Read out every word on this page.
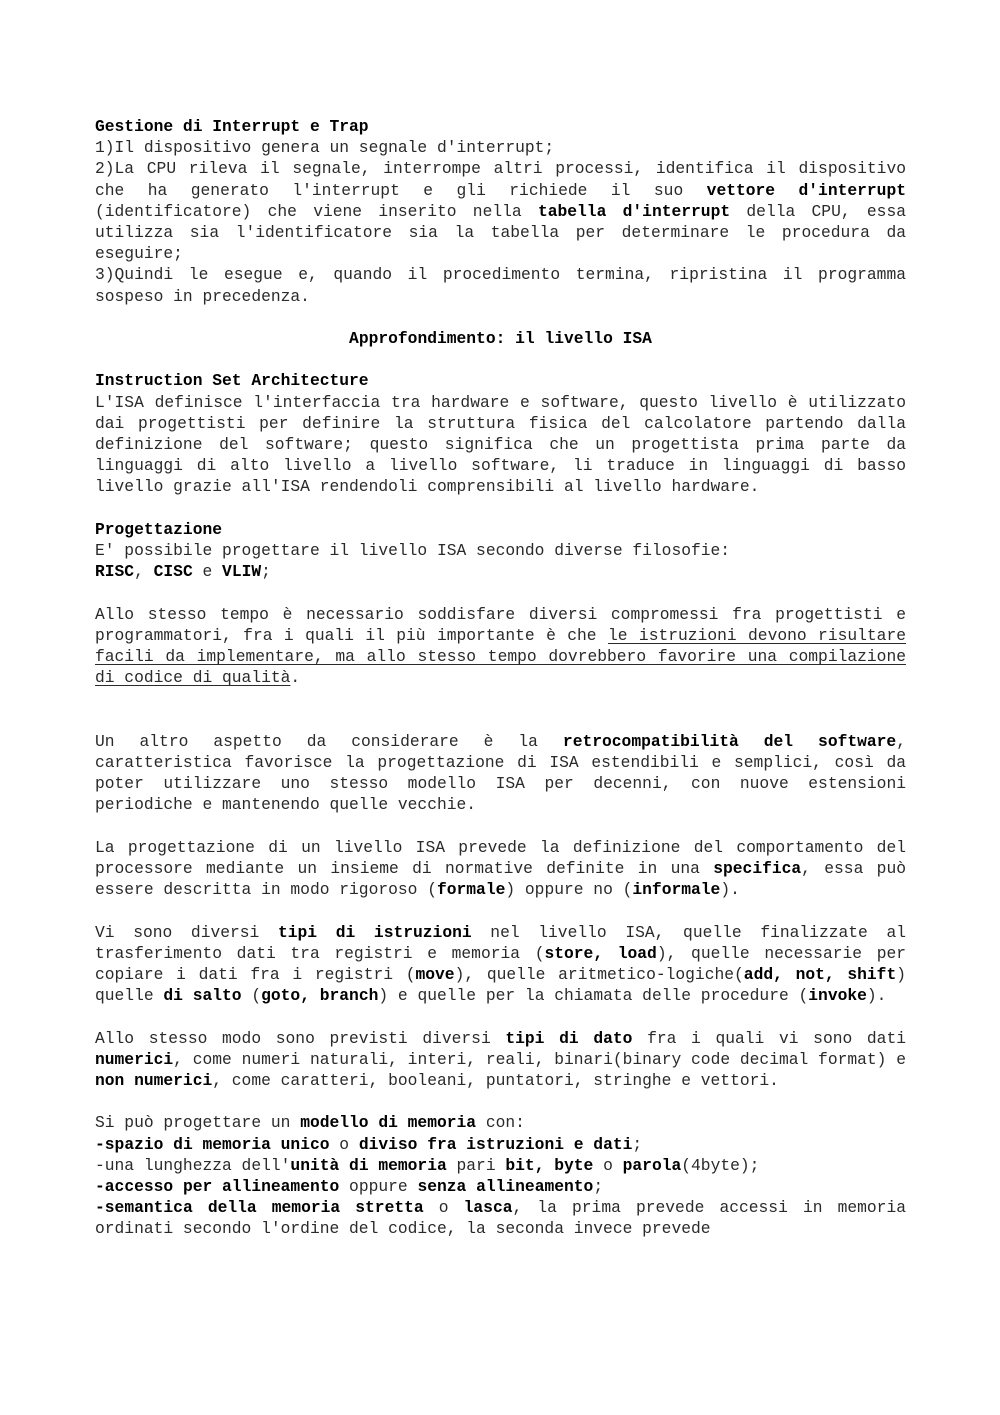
Gestione di Interrupt e Trap

1)Il dispositivo genera un segnale d'interrupt;

2)La CPU rileva il segnale, interrompe altri processi, identifica il dispositivo che ha generato l'interrupt e gli richiede il suo vettore d'interrupt (identificatore) che viene inserito nella tabella d'interrupt della CPU, essa utilizza sia l'identificatore sia la tabella per determinare le procedura da eseguire;

3)Quindi le esegue e, quando il procedimento termina, ripristina il programma sospeso in precedenza.

Approfondimento: il livello ISA
Instruction Set Architecture

L'ISA definisce l'interfaccia tra hardware e software, questo livello è utilizzato dai progettisti per definire la struttura fisica del calcolatore partendo dalla definizione del software; questo significa che un progettista prima parte da linguaggi di alto livello a livello software, li traduce in linguaggi di basso livello grazie all'ISA rendendoli comprensibili al livello hardware.

Progettazione

E' possibile progettare il livello ISA secondo diverse filosofie:

RISC, CISC e VLIW;

Allo stesso tempo è necessario soddisfare diversi compromessi fra progettisti e programmatori, fra i quali il più importante è che le istruzioni devono risultare facili da implementare, ma allo stesso tempo dovrebbero favorire una compilazione di codice di qualità.

Un altro aspetto da considerare è la retrocompatibilità del software, caratteristica favorisce la progettazione di ISA estendibili e semplici, così da poter utilizzare uno stesso modello ISA per decenni, con nuove estensioni periodiche e mantenendo quelle vecchie.

La progettazione di un livello ISA prevede la definizione del comportamento del processore mediante un insieme di normative definite in una specifica, essa può essere descritta in modo rigoroso (formale) oppure no (informale).

Vi sono diversi tipi di istruzioni nel livello ISA, quelle finalizzate al trasferimento dati tra registri e memoria (store, load), quelle necessarie per copiare i dati fra i registri (move), quelle aritmetico-logiche(add, not, shift) quelle di salto (goto, branch) e quelle per la chiamata delle procedure (invoke).

Allo stesso modo sono previsti diversi tipi di dato fra i quali vi sono dati numerici, come numeri naturali, interi, reali, binari(binary code decimal format) e non numerici, come caratteri, booleani, puntatori, stringhe e vettori.

Si può progettare un modello di memoria con:

-spazio di memoria unico o diviso fra istruzioni e dati;

-una lunghezza dell'unità di memoria pari bit, byte o parola(4byte);

-accesso per allineamento oppure senza allineamento;

-semantica della memoria stretta o lasca, la prima prevede accessi in memoria ordinati secondo l'ordine del codice, la seconda invece prevede
